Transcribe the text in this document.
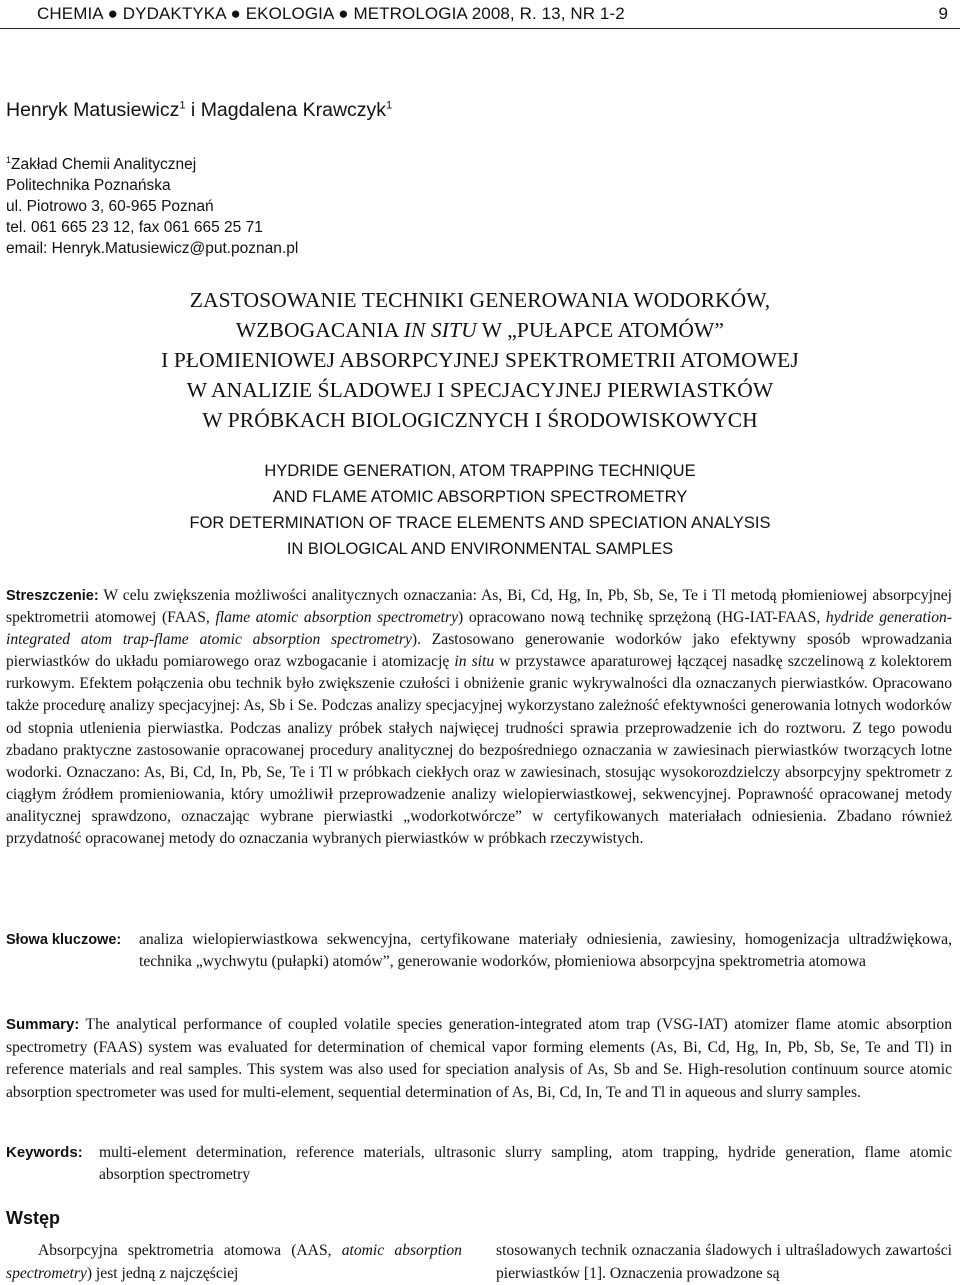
CHEMIA ● DYDAKTYKA ● EKOLOGIA ● METROLOGIA 2008, R. 13, NR 1-2	9
Henryk Matusiewicz$^1$ i Magdalena Krawczyk$^1$
$^1$Zakład Chemii Analitycznej
Politechnika Poznańska
ul. Piotrowo 3, 60-965 Poznań
tel. 061 665 23 12, fax 061 665 25 71
email: Henryk.Matusiewicz@put.poznan.pl
ZASTOSOWANIE TECHNIKI GENEROWANIA WODORKÓW,
WZBOGACANIA IN SITU W „PUŁAPCE ATOMÓW”
I PŁOMIENIOWEJ ABSORPCYJNEJ SPEKTROMETRII ATOMOWEJ
W ANALIZIE ŚLADOWEJ I SPECJACYJNEJ PIERWIASTKÓW
W PRÓBKACH BIOLOGICZNYCH I ŚRODOWISKOWYCH
HYDRIDE GENERATION, ATOM TRAPPING TECHNIQUE
AND FLAME ATOMIC ABSORPTION SPECTROMETRY
FOR DETERMINATION OF TRACE ELEMENTS AND SPECIATION ANALYSIS
IN BIOLOGICAL AND ENVIRONMENTAL SAMPLES
Streszczenie: W celu zwiększenia możliwości analitycznych oznaczania: As, Bi, Cd, Hg, In, Pb, Sb, Se, Te i Tl metodą płomieniowej absorpcyjnej spektrometrii atomowej (FAAS, flame atomic absorption spectrometry) opracowano nową technikę sprzężoną (HG-IAT-FAAS, hydride generation-integrated atom trap-flame atomic absorption spectrometry). Zastosowano generowanie wodorków jako efektywny sposób wprowadzania pierwiastków do układu pomiarowego oraz wzbogacanie i atomizację in situ w przystawce aparaturowej łączącej nasadkę szczelinową z kolektorem rurkowym. Efektem połączenia obu technik było zwiększenie czułości i obniżenie granic wykrywalności dla oznaczanych pierwiastków. Opracowano także procedurę analizy specjacyjnej: As, Sb i Se. Podczas analizy specjacyjnej wykorzystano zależność efektywności generowania lotnych wodorków od stopnia utlenienia pierwiastka. Podczas analizy próbek stałych najwięcej trudności sprawia przeprowadzenie ich do roztworu. Z tego powodu zbadano praktyczne zastosowanie opracowanej procedury analitycznej do bezpośredniego oznaczania w zawiesinach pierwiastków tworzących lotne wodorki. Oznaczano: As, Bi, Cd, In, Pb, Se, Te i Tl w próbkach ciekłych oraz w zawiesinach, stosując wysokorozdzielczy absorpcyjny spektrometr z ciągłym źródłem promieniowania, który umożliwił przeprowadzenie analizy wielopierwiastkowej, sekwencyjnej. Poprawność opracowanej metody analitycznej sprawdzono, oznaczając wybrane pierwiastki „wodorkotwórcze” w certyfikowanych materiałach odniesienia. Zbadano również przydatność opracowanej metody do oznaczania wybranych pierwiastków w próbkach rzeczywistych.
Słowa kluczowe: analiza wielopierwiastkowa sekwencyjna, certyfikowane materiały odniesienia, zawiesiny, homogenizacja ultradźwiękowa, technika „wychwytu (pułapki) atomów”, generowanie wodorków, płomieniowa absorpcyjna spektrometria atomowa
Summary: The analytical performance of coupled volatile species generation-integrated atom trap (VSG-IAT) atomizer flame atomic absorption spectrometry (FAAS) system was evaluated for determination of chemical vapor forming elements (As, Bi, Cd, Hg, In, Pb, Sb, Se, Te and Tl) in reference materials and real samples. This system was also used for speciation analysis of As, Sb and Se. High-resolution continuum source atomic absorption spectrometer was used for multi-element, sequential determination of As, Bi, Cd, In, Te and Tl in aqueous and slurry samples.
Keywords: multi-element determination, reference materials, ultrasonic slurry sampling, atom trapping, hydride generation, flame atomic absorption spectrometry
Wstęp
Absorpcyjna spektrometria atomowa (AAS, atomic absorption spectrometry) jest jedną z najczęściej
stosowanych technik oznaczania śladowych i ultraśladowych zawartości pierwiastków [1]. Oznaczenia prowadzone są
